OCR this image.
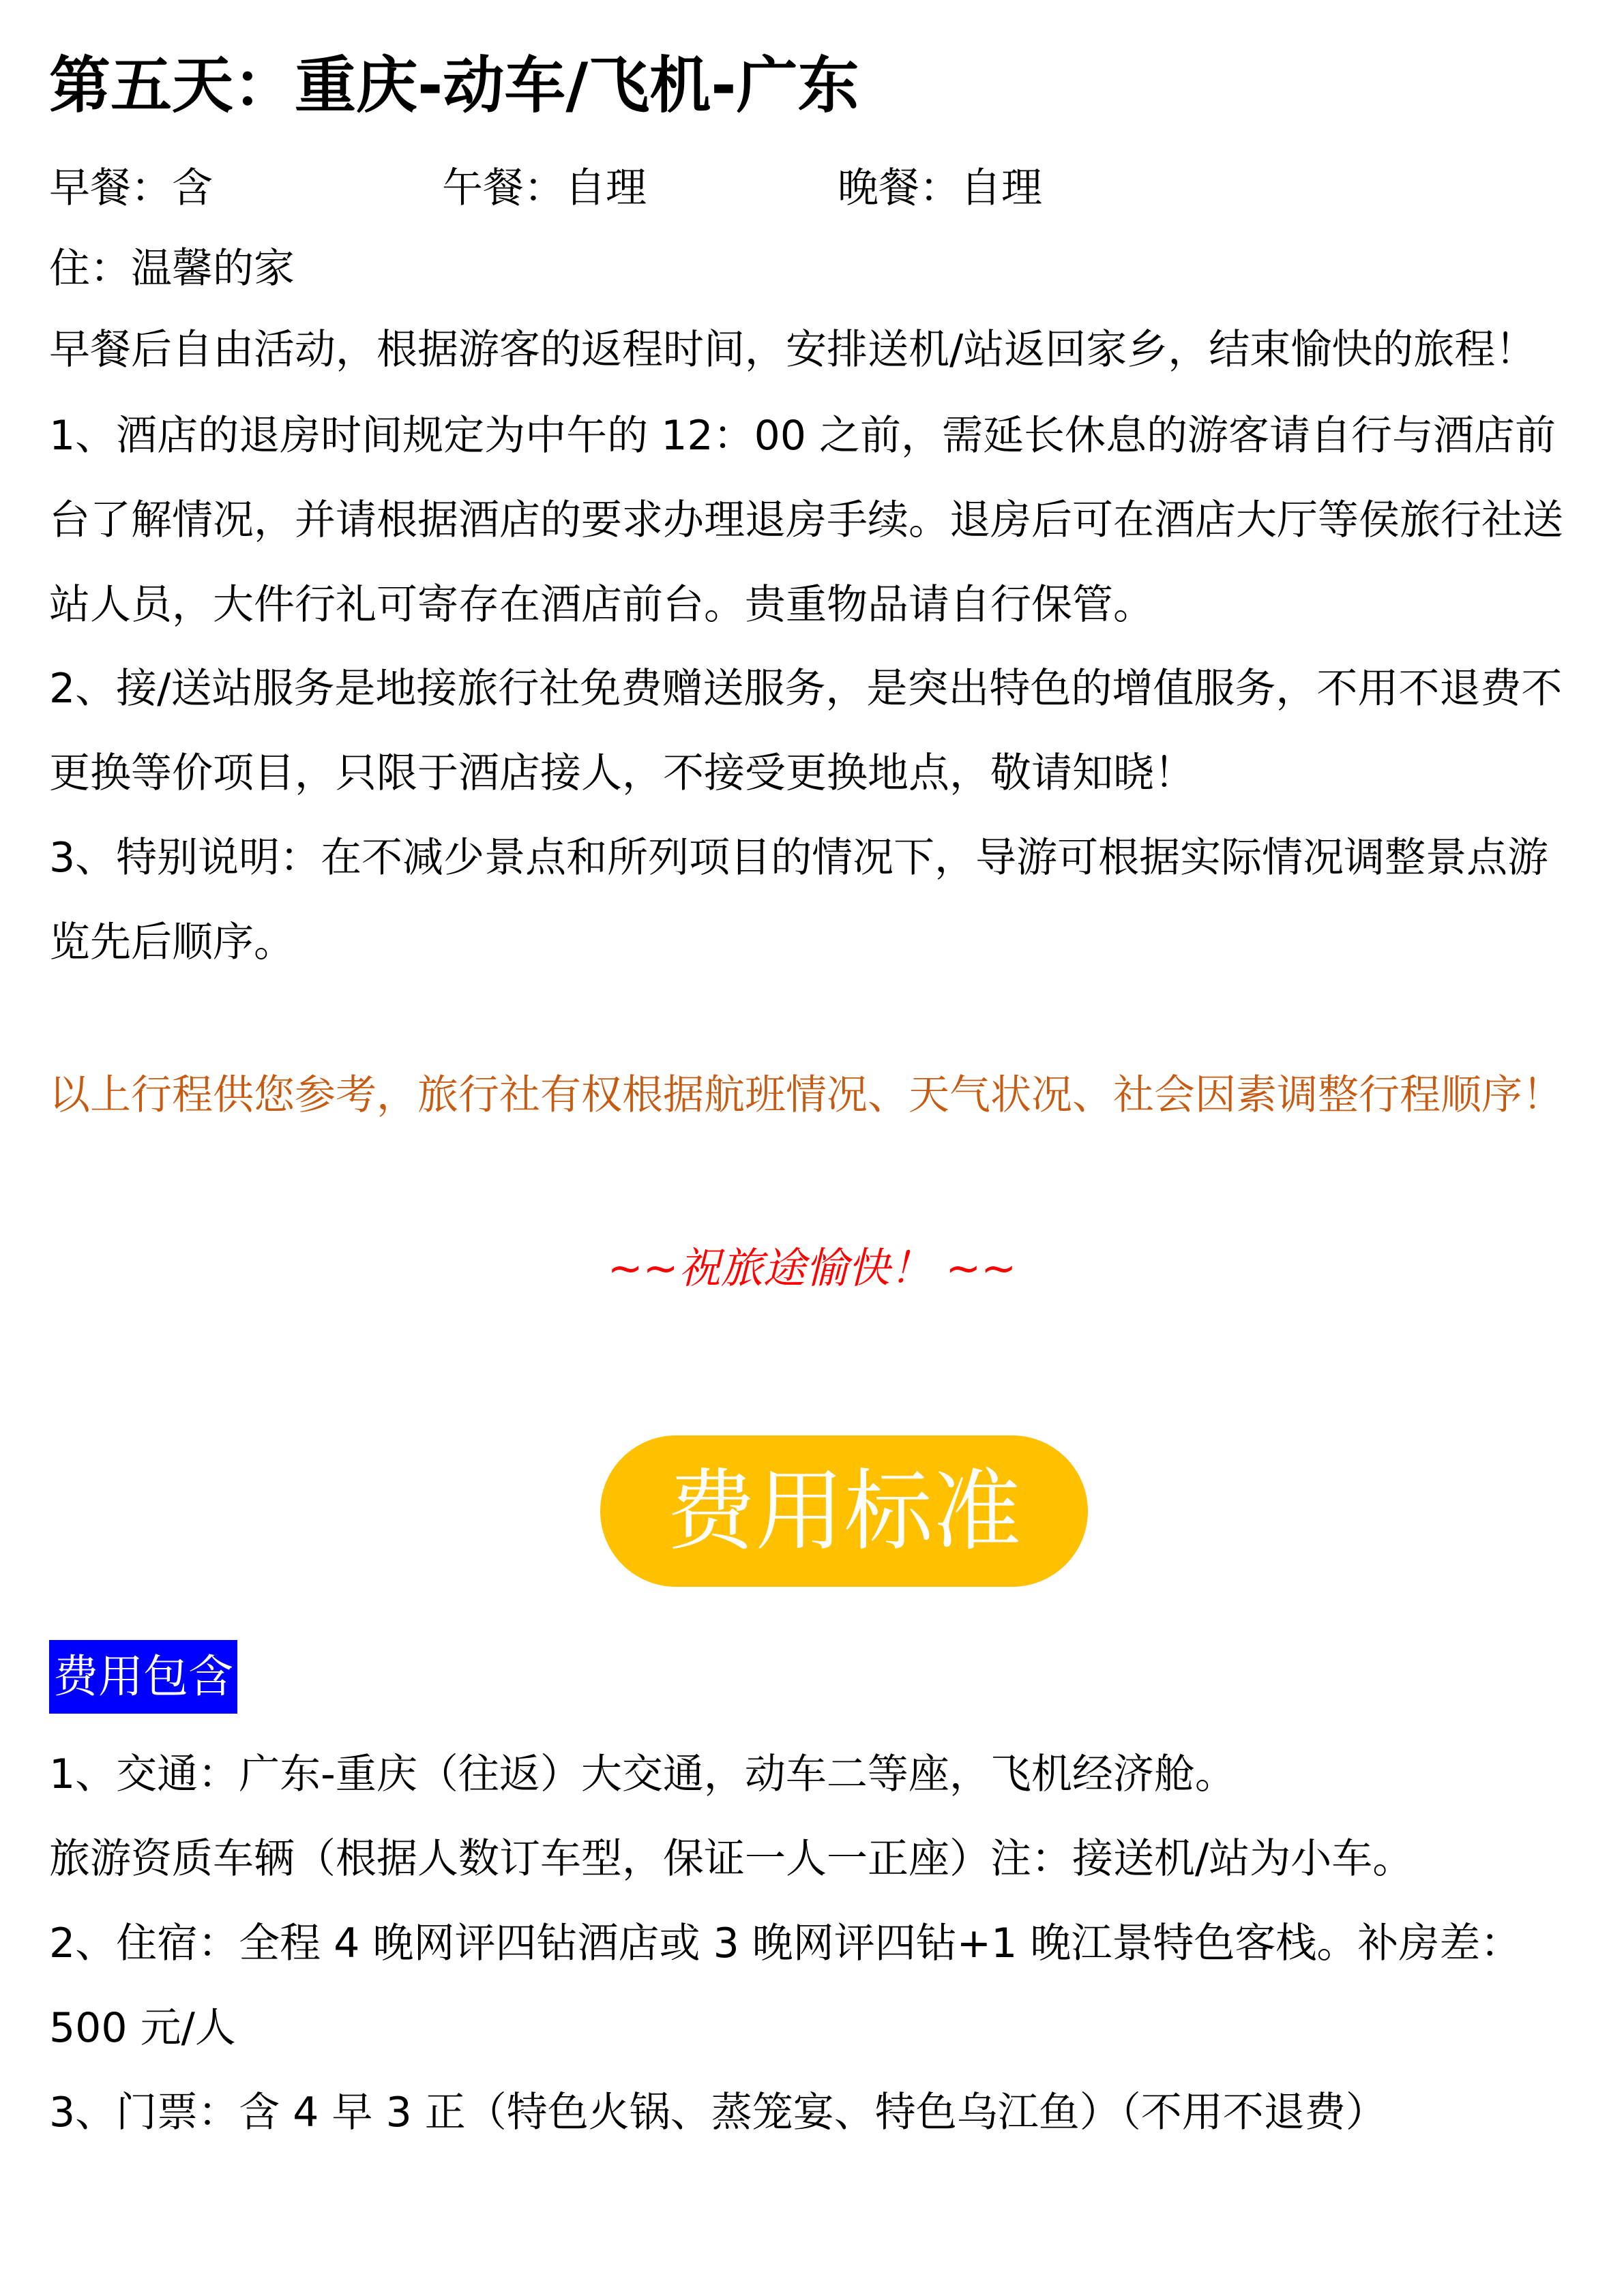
第五天：重庆-动车/飞机-广东
早餐：含	午餐：自理	晚餐：自理
住：温馨的家
早餐后自由活动，根据游客的返程时间，安排送机/站返回家乡，结束愉快的旅程！
1、酒店的退房时间规定为中午的 12：00 之前，需延长休息的游客请自行与酒店前台了解情况，并请根据酒店的要求办理退房手续。退房后可在酒店大厅等侯旅行社送站人员，大件行礼可寄存在酒店前台。贵重物品请自行保管。
2、接/送站服务是地接旅行社免费赠送服务，是突出特色的增值服务，不用不退费不更换等价项目，只限于酒店接人，不接受更换地点，敬请知晓！
3、特别说明：在不减少景点和所列项目的情况下，导游可根据实际情况调整景点游览先后顺序。
以上行程供您参考，旅行社有权根据航班情况、天气状况、社会因素调整行程顺序！
~~祝旅途愉快！ ~~
费用标准
费用包含
1、交通：广东-重庆（往返）大交通，动车二等座，飞机经济舱。
旅游资质车辆（根据人数订车型，保证一人一正座）注：接送机/站为小车。
2、住宿：全程 4 晚网评四钻酒店或 3 晚网评四钻+1 晚江景特色客栈。补房差：500 元/人
3、门票：含 4 早 3 正（特色火锅、蒸笼宴、特色乌江鱼）（不用不退费）
